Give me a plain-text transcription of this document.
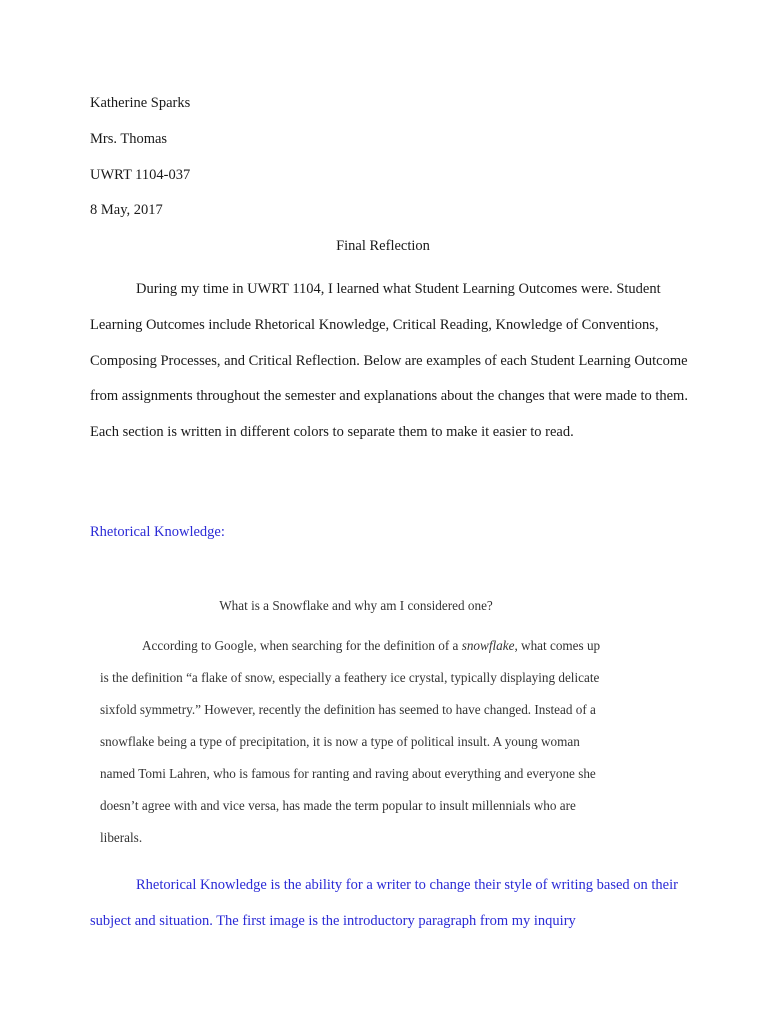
Katherine Sparks
Mrs. Thomas
UWRT 1104-037
8 May, 2017
Final Reflection

During my time in UWRT 1104, I learned what Student Learning Outcomes were. Student Learning Outcomes include Rhetorical Knowledge, Critical Reading, Knowledge of Conventions, Composing Processes, and Critical Reflection. Below are examples of each Student Learning Outcome from assignments throughout the semester and explanations about the changes that were made to them. Each section is written in different colors to separate them to make it easier to read.

Rhetorical Knowledge:
What is a Snowflake and why am I considered one?

According to Google, when searching for the definition of a snowflake, what comes up is the definition “a flake of snow, especially a feathery ice crystal, typically displaying delicate sixfold symmetry.” However, recently the definition has seemed to have changed. Instead of a snowflake being a type of precipitation, it is now a type of political insult. A young woman named Tomi Lahren, who is famous for ranting and raving about everything and everyone she doesn’t agree with and vice versa, has made the term popular to insult millennials who are liberals.

Rhetorical Knowledge is the ability for a writer to change their style of writing based on their subject and situation. The first image is the introductory paragraph from my inquiry
